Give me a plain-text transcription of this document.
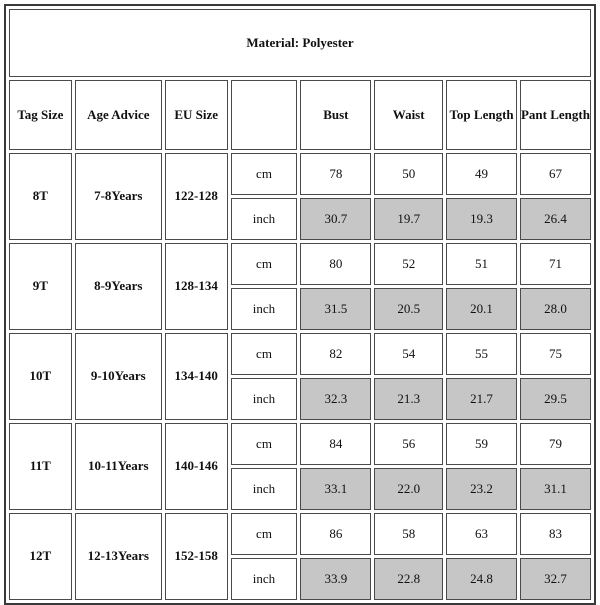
Material: Polyester							
Tag Size	Age Advice	EU Size		Bust	Waist	Top Length	Pant Length
8T	7-8Years	122-128	cm	78	50	49	67
			inch	30.7	19.7	19.3	26.4
9T	8-9Years	128-134	cm	80	52	51	71
			inch	31.5	20.5	20.1	28.0
10T	9-10Years	134-140	cm	82	54	55	75
			inch	32.3	21.3	21.7	29.5
11T	10-11Years	140-146	cm	84	56	59	79
			inch	33.1	22.0	23.2	31.1
12T	12-13Years	152-158	cm	86	58	63	83
			inch	33.9	22.8	24.8	32.7
